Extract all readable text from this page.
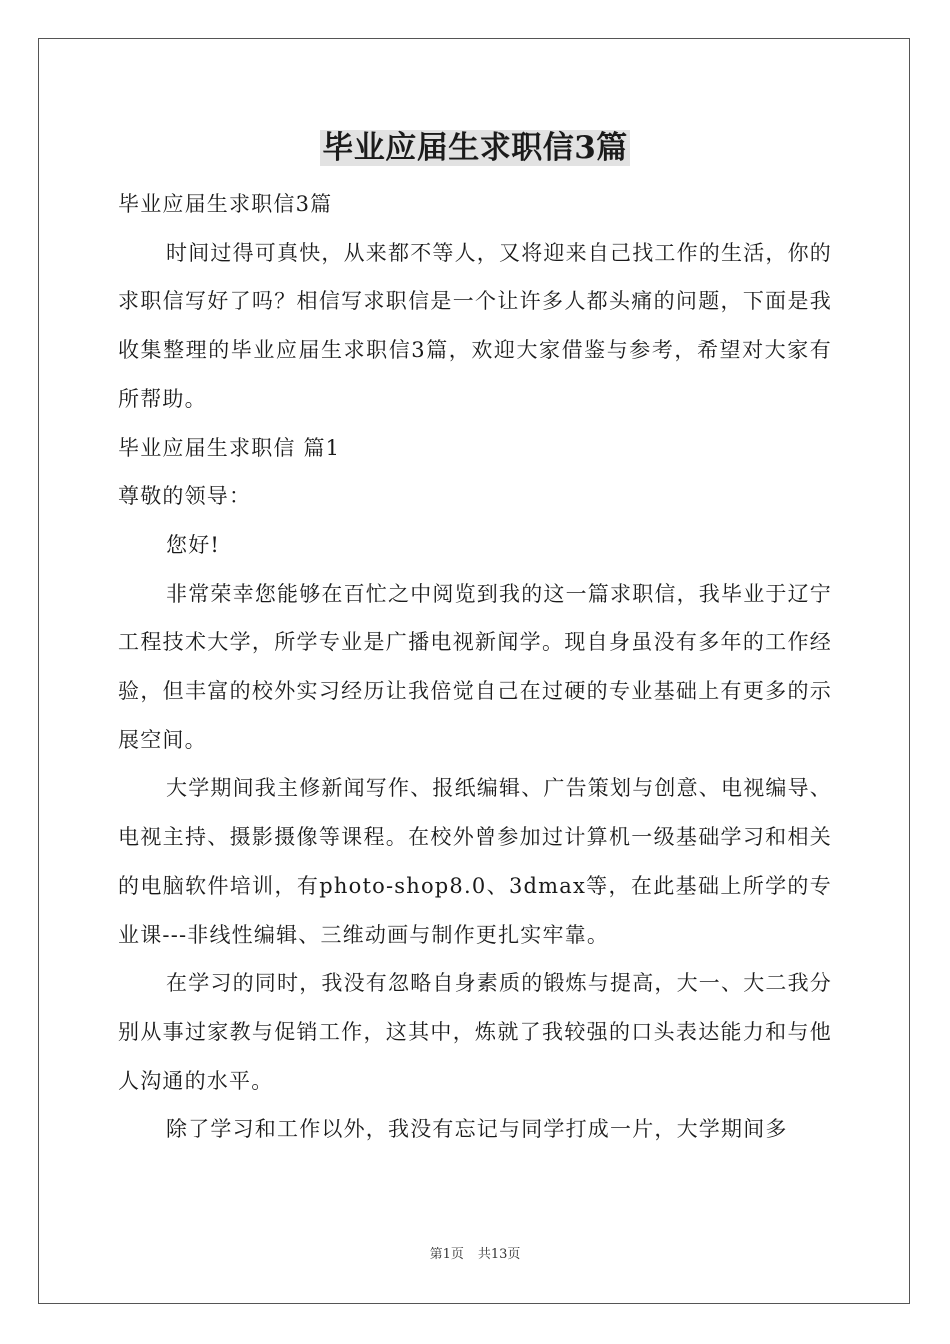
毕业应届生求职信3篇

毕业应届生求职信3篇

时间过得可真快，从来都不等人，又将迎来自己找工作的生活，你的求职信写好了吗？相信写求职信是一个让许多人都头痛的问题，下面是我收集整理的毕业应届生求职信3篇，欢迎大家借鉴与参考，希望对大家有所帮助。

毕业应届生求职信 篇1

尊敬的领导：

您好!

非常荣幸您能够在百忙之中阅览到我的这一篇求职信，我毕业于辽宁工程技术大学，所学专业是广播电视新闻学。现自身虽没有多年的工作经验，但丰富的校外实习经历让我倍觉自己在过硬的专业基础上有更多的示展空间。

大学期间我主修新闻写作、报纸编辑、广告策划与创意、电视编导、电视主持、摄影摄像等课程。在校外曾参加过计算机一级基础学习和相关的电脑软件培训，有photo-shop8.0、3dmax等，在此基础上所学的专业课---非线性编辑、三维动画与制作更扎实牢靠。

在学习的同时，我没有忽略自身素质的锻炼与提高，大一、大二我分别从事过家教与促销工作，这其中，炼就了我较强的口头表达能力和与他人沟通的水平。

除了学习和工作以外，我没有忘记与同学打成一片，大学期间多

第1页 共13页
